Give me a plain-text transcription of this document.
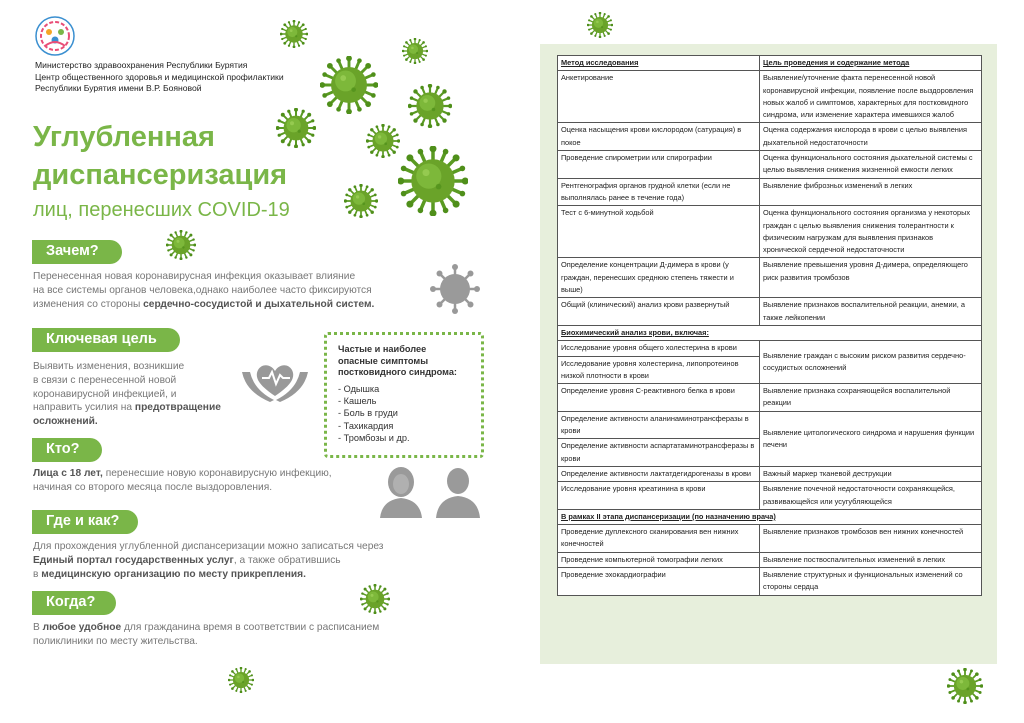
Министерство здравоохранения Республики Бурятия
Центр общественного здоровья и медицинской профилактики
Республики Бурятия имени В.Р. Бояновой
Углубленная
диспансеризация
лиц, перенесших COVID-19
Зачем?
Перенесенная новая коронавирусная инфекция оказывает влияние
на все системы органов человека,однако наиболее часто фиксируются
изменения со стороны сердечно-сосудистой и дыхательной систем.
Ключевая цель
Выявить изменения, возникшие
в связи с перенесенной новой
коронавирусной инфекцией, и
направить усилия на предотвращение
осложнений.
Частые и наиболее
опасные симптомы
постковидного синдрома:
- Одышка
- Кашель
- Боль в груди
- Тахикардия
- Тромбозы и др.
Кто?
Лица с 18 лет, перенесшие новую коронавирусную инфекцию,
начиная со второго месяца после выздоровления.
Где и как?
Для прохождения углубленной диспансеризации можно записаться через
Единый портал государственных услуг, а также обратившись
в медицинскую организацию по месту прикрепления.
Когда?
В любое удобное для гражданина время в соответствии с расписанием
поликлиники по месту жительства.
Метод исследования	Цель проведения и содержание метода
Анкетирование	Выявление/уточнение факта перенесенной новой коронавирусной инфекции, появление после выздоровления новых жалоб и симптомов, характерных для постковидного синдрома, или изменение характера имевшихся жалоб
Оценка насыщения крови кислородом (сатурация) в покое	Оценка содержания кислорода в крови с целью выявления дыхательной недостаточности
Проведение спирометрии или спирографии	Оценка функционального состояния дыхательной системы с целью выявления снижения жизненной емкости легких
Рентгенография органов грудной клетки (если не выполнялась ранее в течение года)	Выявление фиброзных изменений в легких
Тест с 6-минутной ходьбой	Оценка функционального состояния организма у некоторых граждан с целью выявления снижения толерантности к физическим нагрузкам для выявления признаков хронической сердечной недостаточности
Определение концентрации Д-димера в крови (у граждан, перенесших среднюю степень тяжести и выше)	Выявление превышения уровня Д-димера, определяющего риск развития тромбозов
Общий (клинический) анализ крови развернутый	Выявление признаков воспалительной реакции, анемии, а также лейкопении
Биохимический анализ крови, включая:	
Исследование уровня общего холестерина в крови	Выявление граждан с высоким риском развития сердечно-сосудистых осложнений
Исследование уровня холестерина, липопротеинов низкой плотности в крови	
Определение уровня С-реактивного белка в крови	Выявление признака сохраняющейся воспалительной реакции
Определение активности аланинаминотрансферазы в крови	Выявление цитологического синдрома и нарушения функции печени
Определение активности аспартатаминотрансферазы в крови	
Определение активности лактатдегидрогеназы в крови	Важный маркер тканевой деструкции
Исследование уровня креатинина в крови	Выявление почечной недостаточности сохраняющейся, развивающейся или усугубляющейся
В рамках II этапа диспансеризации (по назначению врача)	
Проведение дуплексного сканирования вен нижних конечностей	Выявление признаков тромбозов вен нижних конечностей
Проведение компьютерной томографии легких	Выявление поствоспалительных изменений в легких
Проведение эхокардиографии	Выявление структурных и функциональных изменений со стороны сердца
